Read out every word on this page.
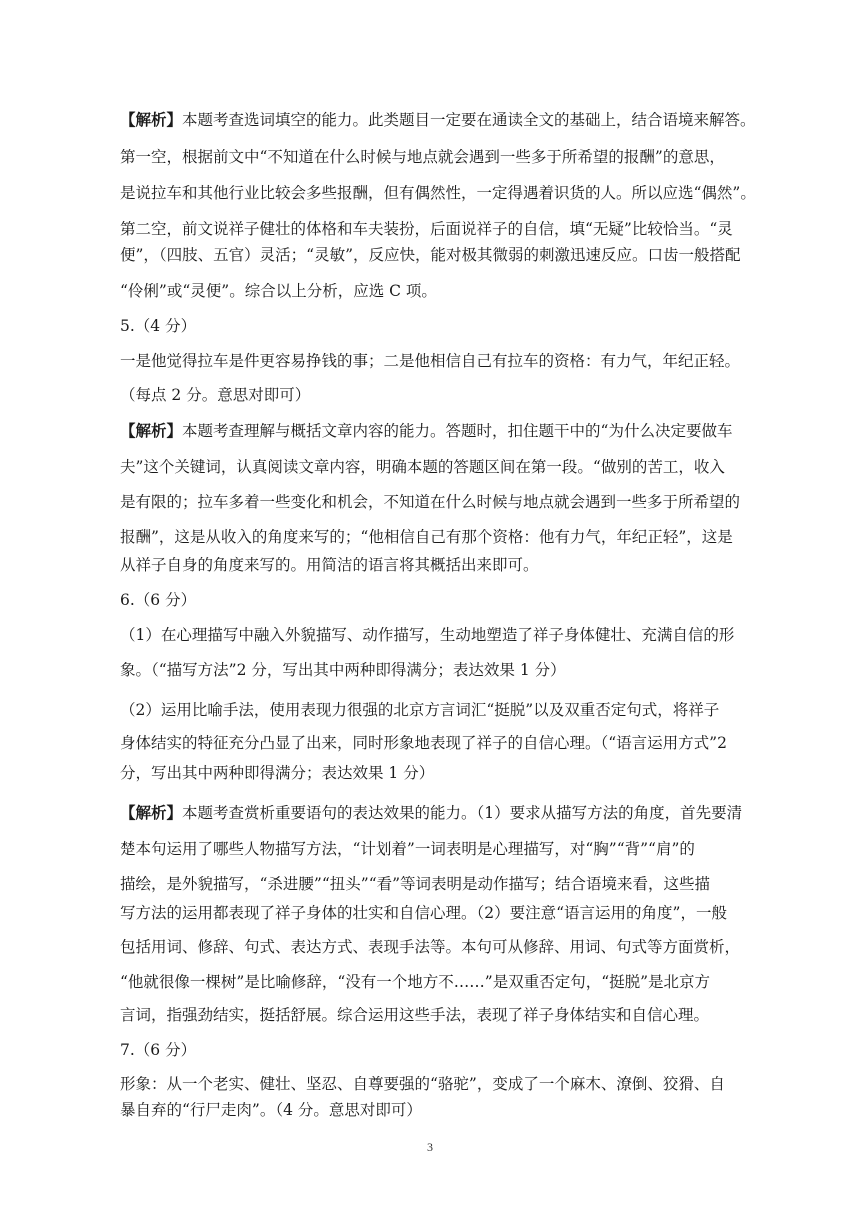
【解析】本题考查选词填空的能力。此类题目一定要在通读全文的基础上，结合语境来解答。
第一空，根据前文中“不知道在什么时候与地点就会遇到一些多于所希望的报酬”的意思，
是说拉车和其他行业比较会多些报酬，但有偶然性，一定得遇着识货的人。所以应选“偶然”。
第二空，前文说祥子健壮的体格和车夫装扮，后面说祥子的自信，填“无疑”比较恰当。“灵
便”，（四肢、五官）灵活；“灵敏”，反应快，能对极其微弱的刺激迅速反应。口齿一般搭配
“伶俐”或“灵便”。综合以上分析，应选 C 项。
5.（4 分）
一是他觉得拉车是件更容易挣钱的事；二是他相信自己有拉车的资格：有力气，年纪正轻。
（每点 2 分。意思对即可）
【解析】本题考查理解与概括文章内容的能力。答题时，扣住题干中的“为什么决定要做车
夫”这个关键词，认真阅读文章内容，明确本题的答题区间在第一段。“做别的苦工，收入
是有限的；拉车多着一些变化和机会，不知道在什么时候与地点就会遇到一些多于所希望的
报酬”，这是从收入的角度来写的；“他相信自己有那个资格：他有力气，年纪正轻”，这是
从祥子自身的角度来写的。用简洁的语言将其概括出来即可。
6.（6 分）
（1）在心理描写中融入外貌描写、动作描写，生动地塑造了祥子身体健壮、充满自信的形
象。（“描写方法”2 分，写出其中两种即得满分；表达效果 1 分）
（2）运用比喻手法，使用表现力很强的北京方言词汇“挺脱”以及双重否定句式，将祥子
身体结实的特征充分凸显了出来，同时形象地表现了祥子的自信心理。（“语言运用方式”2
分，写出其中两种即得满分；表达效果 1 分）
【解析】本题考查赏析重要语句的表达效果的能力。（1）要求从描写方法的角度，首先要清
楚本句运用了哪些人物描写方法，“计划着”一词表明是心理描写，对“胸”“背”“肩”的
描绘，是外貌描写，“杀进腰”“扭头”“看”等词表明是动作描写；结合语境来看，这些描
写方法的运用都表现了祥子身体的壮实和自信心理。（2）要注意“语言运用的角度”，一般
包括用词、修辞、句式、表达方式、表现手法等。本句可从修辞、用词、句式等方面赏析，
“他就很像一棵树”是比喻修辞，“没有一个地方不……”是双重否定句，“挺脱”是北京方
言词，指强劲结实，挺括舒展。综合运用这些手法，表现了祥子身体结实和自信心理。
7.（6 分）
形象：从一个老实、健壮、坚忍、自尊要强的“骆驼”，变成了一个麻木、潦倒、狡猾、自
暴自弃的“行尸走肉”。（4 分。意思对即可）
3
